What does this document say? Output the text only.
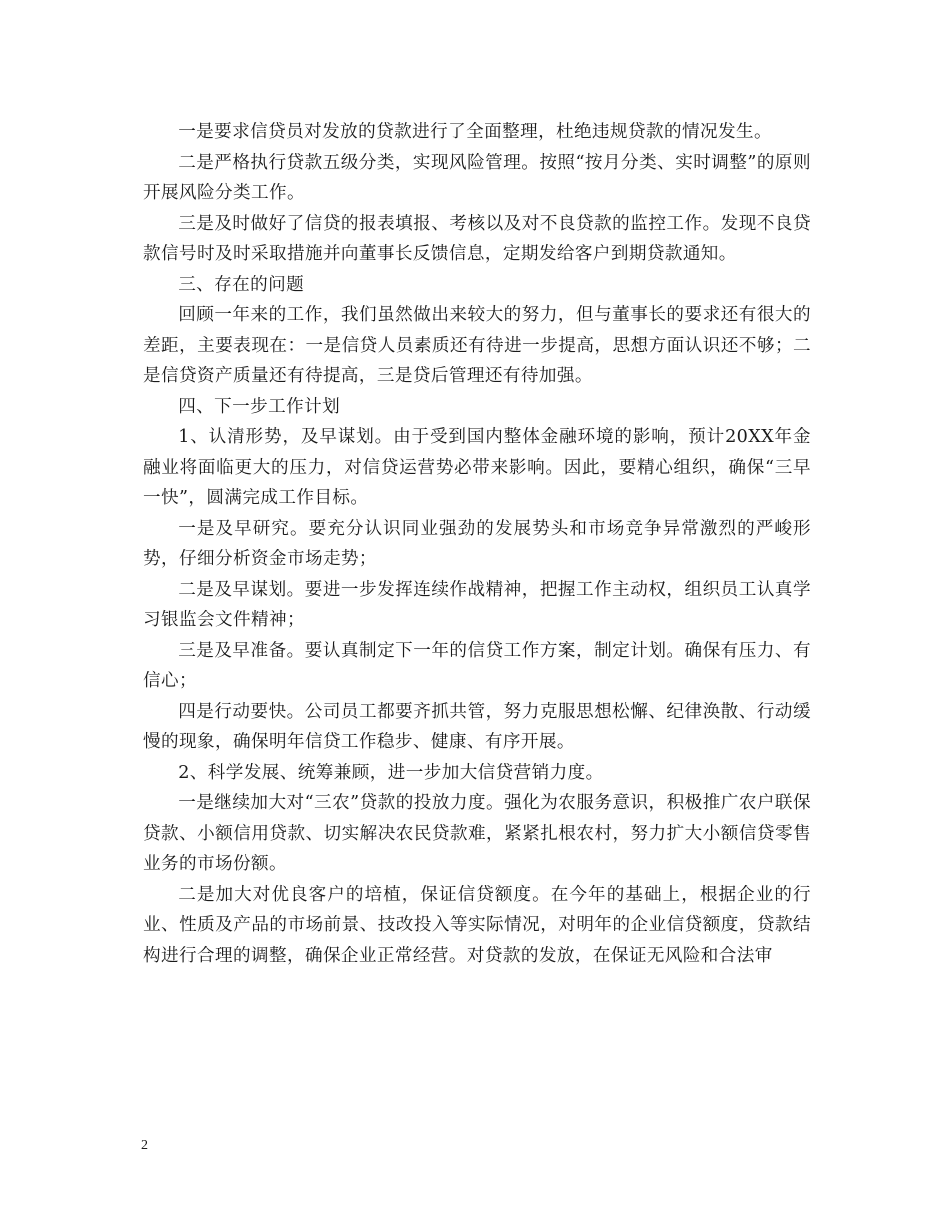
一是要求信贷员对发放的贷款进行了全面整理，杜绝违规贷款的情况发生。

二是严格执行贷款五级分类，实现风险管理。按照“按月分类、实时调整”的原则开展风险分类工作。

三是及时做好了信贷的报表填报、考核以及对不良贷款的监控工作。发现不良贷款信号时及时采取措施并向董事长反馈信息，定期发给客户到期贷款通知。

三、存在的问题

回顾一年来的工作，我们虽然做出来较大的努力，但与董事长的要求还有很大的差距，主要表现在：一是信贷人员素质还有待进一步提高，思想方面认识还不够；二是信贷资产质量还有待提高，三是贷后管理还有待加强。

四、下一步工作计划

1、认清形势，及早谋划。由于受到国内整体金融环境的影响，预计20XX年金融业将面临更大的压力，对信贷运营势必带来影响。因此，要精心组织，确保“三早一快”，圆满完成工作目标。

一是及早研究。要充分认识同业强劲的发展势头和市场竞争异常激烈的严峻形势，仔细分析资金市场走势；

二是及早谋划。要进一步发挥连续作战精神，把握工作主动权，组织员工认真学习银监会文件精神；

三是及早准备。要认真制定下一年的信贷工作方案，制定计划。确保有压力、有信心；

四是行动要快。公司员工都要齐抓共管，努力克服思想松懈、纪律涣散、行动缓慢的现象，确保明年信贷工作稳步、健康、有序开展。

2、科学发展、统筹兼顾，进一步加大信贷营销力度。

一是继续加大对“三农”贷款的投放力度。强化为农服务意识，积极推广农户联保贷款、小额信用贷款、切实解决农民贷款难，紧紧扎根农村，努力扩大小额信贷零售业务的市场份额。

二是加大对优良客户的培植，保证信贷额度。在今年的基础上，根据企业的行业、性质及产品的市场前景、技改投入等实际情况，对明年的企业信贷额度，贷款结构进行合理的调整，确保企业正常经营。对贷款的发放，在保证无风险和合法审

2
